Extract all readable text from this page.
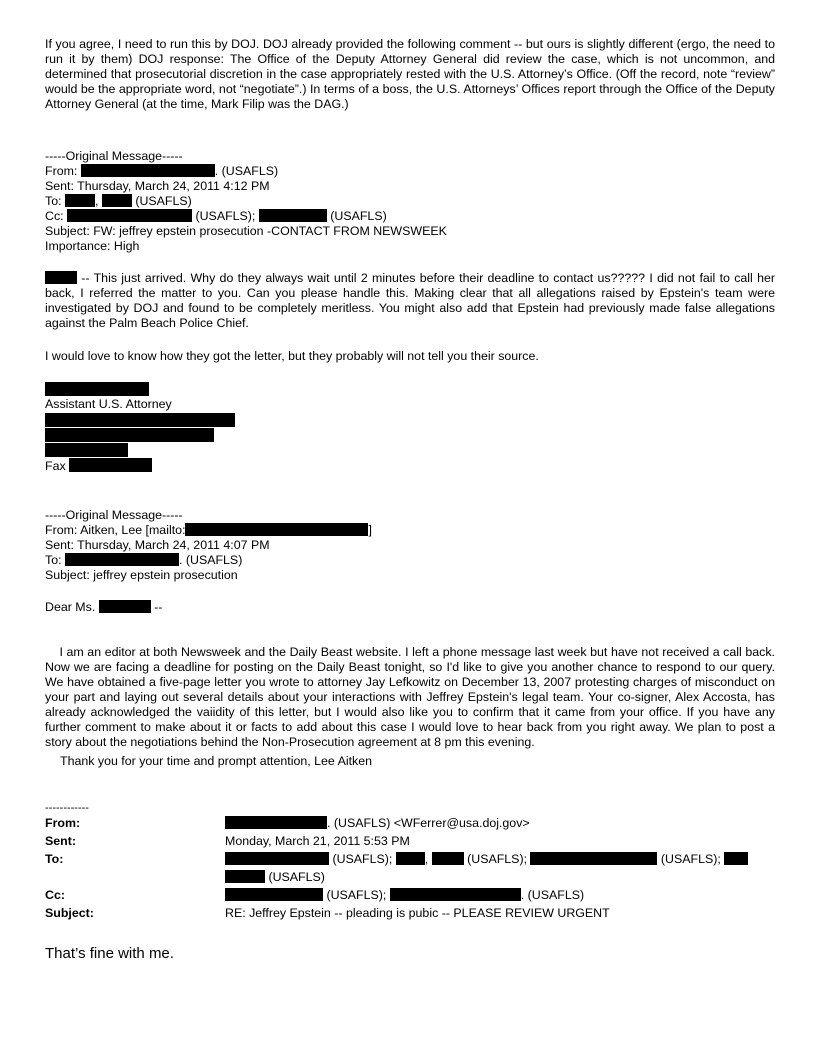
If you agree, I need to run this by DOJ. DOJ already provided the following comment -- but ours is slightly different (ergo, the need to run it by them) DOJ response: The Office of the Deputy Attorney General did review the case, which is not uncommon, and determined that prosecutorial discretion in the case appropriately rested with the U.S. Attorney’s Office. (Off the record, note “review” would be the appropriate word, not “negotiate”.) In terms of a boss, the U.S. Attorneys’ Offices report through the Office of the Deputy Attorney General (at the time, Mark Filip was the DAG.)

-----Original Message-----
From:	. (USAFLS)
Sent: Thursday, March 24, 2011 4:12 PM
To: ,  (USAFLS)
Cc:	(USAFLS);	(USAFLS)
Subject: FW: jeffrey epstein prosecution -CONTACT FROM NEWSWEEK
Importance: High

-- This just arrived. Why do they always wait until 2 minutes before their deadline to contact us????? I did not fail to call her back, I referred the matter to you. Can you please handle this. Making clear that all allegations raised by Epstein's team were investigated by DOJ and found to be completely meritless. You might also add that Epstein had previously made false allegations against the Palm Beach Police Chief.

I would love to know how they got the letter, but they probably will not tell you their source.

Assistant U.S. Attorney
Fax
-----Original Message-----
From: Aitken, Lee [mailto:	]
Sent: Thursday, March 24, 2011 4:07 PM
To:	. (USAFLS)
Subject: jeffrey epstein prosecution
Dear Ms.	--

I am an editor at both Newsweek and the Daily Beast website. I left a phone message last week but have not received a call back. Now we are facing a deadline for posting on the Daily Beast tonight, so I'd like to give you another chance to respond to our query. We have obtained a five-page letter you wrote to attorney Jay Lefkowitz on December 13, 2007 protesting charges of misconduct on your part and laying out several details about your interactions with Jeffrey Epstein's legal team. Your co-signer, Alex Accosta, has already acknowledged the vaiidity of this letter, but I would also like you to confirm that it came from your office. If you have any further comment to make about it or facts to add about this case I would love to hear back from you right away. We plan to post a story about the negotiations behind the Non-Prosecution agreement at 8 pm this evening.

Thank you for your time and prompt attention, Lee Aitken

------------
From:	. (USAFLS) <WFerrer@usa.doj.gov>
Sent:	Monday, March 21, 2011 5:53 PM
To:	(USAFLS); ,	(USAFLS);	(USAFLS);
(USAFLS)
Cc:	(USAFLS);	. (USAFLS)
Subject:	RE: Jeffrey Epstein -- pleading is pubic -- PLEASE REVIEW URGENT
That’s fine with me.
